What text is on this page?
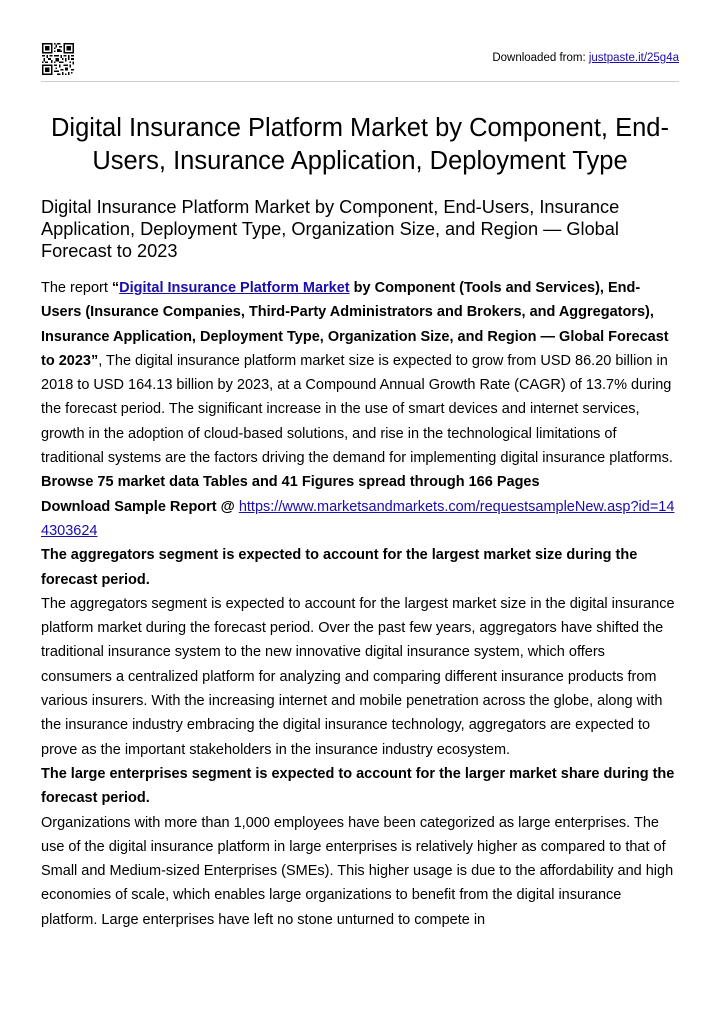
Downloaded from: justpaste.it/25g4a
Digital Insurance Platform Market by Component, End-Users, Insurance Application, Deployment Type
Digital Insurance Platform Market by Component, End-Users, Insurance Application, Deployment Type, Organization Size, and Region — Global Forecast to 2023

The report “Digital Insurance Platform Market by Component (Tools and Services), End-Users (Insurance Companies, Third-Party Administrators and Brokers, and Aggregators), Insurance Application, Deployment Type, Organization Size, and Region — Global Forecast to 2023”, The digital insurance platform market size is expected to grow from USD 86.20 billion in 2018 to USD 164.13 billion by 2023, at a Compound Annual Growth Rate (CAGR) of 13.7% during the forecast period. The significant increase in the use of smart devices and internet services, growth in the adoption of cloud-based solutions, and rise in the technological limitations of traditional systems are the factors driving the demand for implementing digital insurance platforms.

Browse 75 market data Tables and 41 Figures spread through 166 Pages

Download Sample Report @ https://www.marketsandmarkets.com/requestsampleNew.asp?id=144303624

The aggregators segment is expected to account for the largest market size during the forecast period.

The aggregators segment is expected to account for the largest market size in the digital insurance platform market during the forecast period. Over the past few years, aggregators have shifted the traditional insurance system to the new innovative digital insurance system, which offers consumers a centralized platform for analyzing and comparing different insurance products from various insurers. With the increasing internet and mobile penetration across the globe, along with the insurance industry embracing the digital insurance technology, aggregators are expected to prove as the important stakeholders in the insurance industry ecosystem.

The large enterprises segment is expected to account for the larger market share during the forecast period.

Organizations with more than 1,000 employees have been categorized as large enterprises. The use of the digital insurance platform in large enterprises is relatively higher as compared to that of Small and Medium-sized Enterprises (SMEs). This higher usage is due to the affordability and high economies of scale, which enables large organizations to benefit from the digital insurance platform. Large enterprises have left no stone unturned to compete in
